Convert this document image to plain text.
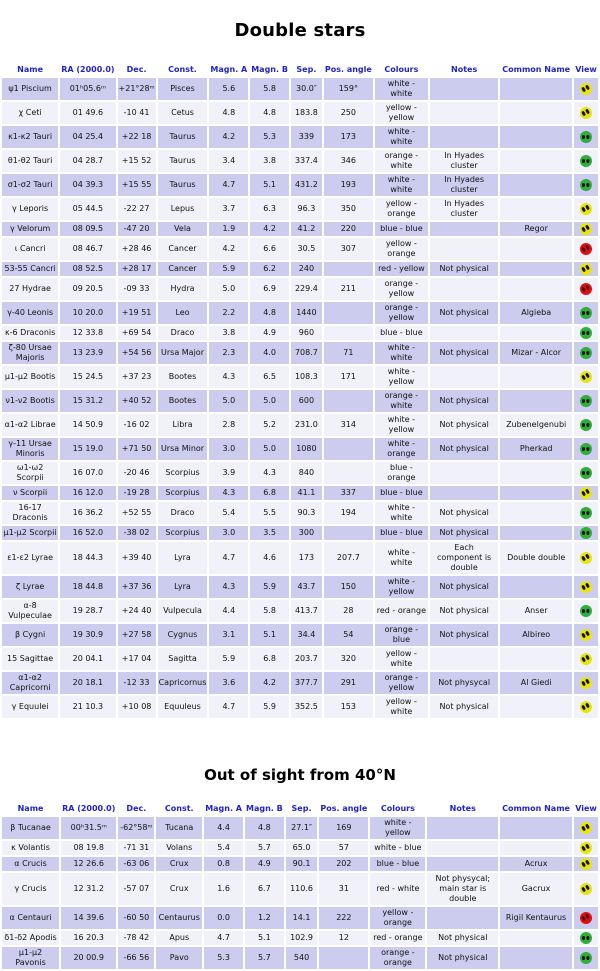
Double stars
Name	RA (2000.0)	Dec.	Const.	Magn. A	Magn. B	Sep.	Pos. angle	Colours	Notes	Common Name	View
ψ1 Piscium	01ʰ05.6ᵐ	+21°28ᵐ	Pisces	5.6	5.8	30.0″	159°	white - white			
χ Ceti	01 49.6	-10 41	Cetus	4.8	4.8	183.8	250	yellow - yellow			
κ1-κ2 Tauri	04 25.4	+22 18	Taurus	4.2	5.3	339	173	white - white			
θ1-θ2 Tauri	04 28.7	+15 52	Taurus	3.4	3.8	337.4	346	orange - white	In Hyades cluster		
σ1-σ2 Tauri	04 39.3	+15 55	Taurus	4.7	5.1	431.2	193	white - white	In Hyades cluster		
γ Leporis	05 44.5	-22 27	Lepus	3.7	6.3	96.3	350	yellow - orange	In Hyades cluster		
γ Velorum	08 09.5	-47 20	Vela	1.9	4.2	41.2	220	blue - blue		Regor	
ι Cancri	08 46.7	+28 46	Cancer	4.2	6.6	30.5	307	yellow - orange			
53-55 Cancri	08 52.5	+28 17	Cancer	5.9	6.2	240		red - yellow	Not physical		
27 Hydrae	09 20.5	-09 33	Hydra	5.0	6.9	229.4	211	orange - yellow			
γ-40 Leonis	10 20.0	+19 51	Leo	2.2	4.8	1440		orange - yellow	Not physical	Algieba	
κ-6 Draconis	12 33.8	+69 54	Draco	3.8	4.9	960		blue - blue			
ζ-80 Ursae Majoris	13 23.9	+54 56	Ursa Major	2.3	4.0	708.7	71	white - white	Not physical	Mizar - Alcor	
μ1-μ2 Bootis	15 24.5	+37 23	Bootes	4.3	6.5	108.3	171	white - yellow			
ν1-ν2 Bootis	15 31.2	+40 52	Bootes	5.0	5.0	600		orange - white	Not physical		
α1-α2 Librae	14 50.9	-16 02	Libra	2.8	5.2	231.0	314	white - yellow	Not physical	Zubenelgenubi	
γ-11 Ursae Minoris	15 19.0	+71 50	Ursa Minor	3.0	5.0	1080		white - orange	Not physical	Pherkad	
ω1-ω2 Scorpii	16 07.0	-20 46	Scorpius	3.9	4.3	840		blue - orange			
ν Scorpii	16 12.0	-19 28	Scorpius	4.3	6.8	41.1	337	blue - blue			
16-17 Draconis	16 36.2	+52 55	Draco	5.4	5.5	90.3	194	white - white	Not physical		
μ1-μ2 Scorpii	16 52.0	-38 02	Scorpius	3.0	3.5	300		blue - blue	Not physical		
ε1-ε2 Lyrae	18 44.3	+39 40	Lyra	4.7	4.6	173	207.7	white - white	Each component is double	Double double	
ζ Lyrae	18 44.8	+37 36	Lyra	4.3	5.9	43.7	150	white - yellow	Not physical		
α-8 Vulpeculae	19 28.7	+24 40	Vulpecula	4.4	5.8	413.7	28	red - orange	Not physical	Anser	
β Cygni	19 30.9	+27 58	Cygnus	3.1	5.1	34.4	54	orange - blue	Not physical	Albireo	
15 Sagittae	20 04.1	+17 04	Sagitta	5.9	6.8	203.7	320	yellow - white			
α1-α2 Capricorni	20 18.1	-12 33	Capricornus	3.6	4.2	377.7	291	orange - yellow	Not physycal	Al Giedi	
γ Equulei	21 10.3	+10 08	Equuleus	4.7	5.9	352.5	153	yellow - white	Not physical		
Out of sight from 40°N
Name	RA (2000.0)	Dec.	Const.	Magn. A	Magn. B	Sep.	Pos. angle	Colours	Notes	Common Name	View
β Tucanae	00ʰ31.5ᵐ	-62°58ᵐ	Tucana	4.4	4.8	27.1″	169	white - yellow			
κ Volantis	08 19.8	-71 31	Volans	5.4	5.7	65.0	57	white - blue			
α Crucis	12 26.6	-63 06	Crux	0.8	4.9	90.1	202	blue - blue		Acrux	
γ Crucis	12 31.2	-57 07	Crux	1.6	6.7	110.6	31	red - white	Not physycal; main star is double	Gacrux	
α Centauri	14 39.6	-60 50	Centaurus	0.0	1.2	14.1	222	yellow - orange		Rigil Kentaurus	
δ1-δ2 Apodis	16 20.3	-78 42	Apus	4.7	5.1	102.9	12	red - orange	Not physical		
μ1-μ2 Pavonis	20 00.9	-66 56	Pavo	5.3	5.7	540		orange - orange	Not physical		
